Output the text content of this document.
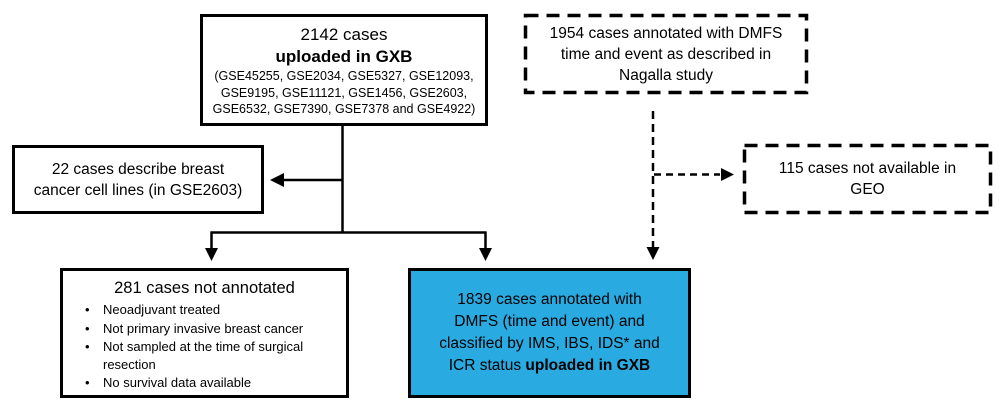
2142 cases
uploaded in GXB
(GSE45255, GSE2034, GSE5327, GSE12093,
GSE9195, GSE11121, GSE1456, GSE2603,
GSE6532, GSE7390, GSE7378 and GSE4922)
1954 cases annotated with DMFS
time and event as described in
Nagalla study
22 cases describe breast
cancer cell lines (in GSE2603)
115 cases not available in
GEO
281 cases not annotated
• Neoadjuvant treated
• Not primary invasive breast cancer
• Not sampled at the time of surgical resection
• No survival data available
1839 cases annotated with
DMFS (time and event) and
classified by IMS, IBS, IDS* and
ICR status uploaded in GXB
